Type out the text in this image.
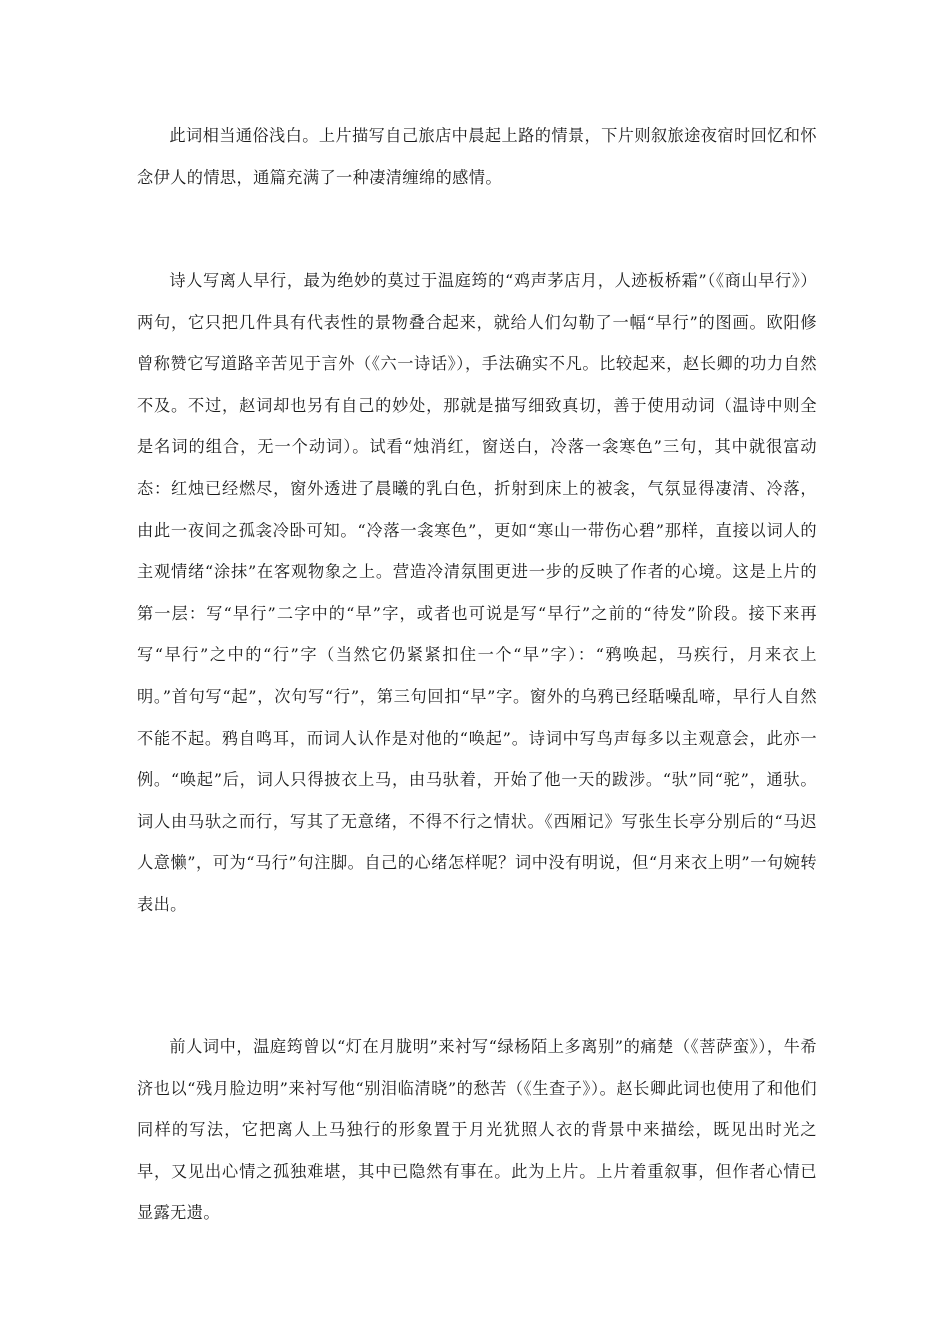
此词相当通俗浅白。上片描写自己旅店中晨起上路的情景，下片则叙旅途夜宿时回忆和怀念伊人的情思，通篇充满了一种凄清缠绵的感情。

诗人写离人早行，最为绝妙的莫过于温庭筠的“鸡声茅店月，人迹板桥霜”（《商山早行》）两句，它只把几件具有代表性的景物叠合起来，就给人们勾勒了一幅“早行”的图画。欧阳修曾称赞它写道路辛苦见于言外（《六一诗话》），手法确实不凡。比较起来，赵长卿的功力自然不及。不过，赵词却也另有自己的妙处，那就是描写细致真切，善于使用动词（温诗中则全是名词的组合，无一个动词）。试看“烛消红，窗送白，冷落一衾寒色”三句，其中就很富动态：红烛已经燃尽，窗外透进了晨曦的乳白色，折射到床上的被衾，气氛显得凄清、冷落，由此一夜间之孤衾冷卧可知。“冷落一衾寒色”，更如“寒山一带伤心碧”那样，直接以词人的主观情绪“涂抹”在客观物象之上。营造冷清氛围更进一步的反映了作者的心境。这是上片的第一层：写“早行”二字中的“早”字，或者也可说是写“早行”之前的“待发”阶段。接下来再写“早行”之中的“行”字（当然它仍紧紧扣住一个“早”字）：“鸦唤起，马疾行，月来衣上明。”首句写“起”，次句写“行”，第三句回扣“早”字。窗外的乌鸦已经聒噪乱啼，早行人自然不能不起。鸦自鸣耳，而词人认作是对他的“唤起”。诗词中写鸟声每多以主观意会，此亦一例。“唤起”后，词人只得披衣上马，由马驮着，开始了他一天的跋涉。“驮”同“驼”，通驮。词人由马驮之而行，写其了无意绪，不得不行之情状。《西厢记》写张生长亭分别后的“马迟人意懒”，可为“马行”句注脚。自己的心绪怎样呢？词中没有明说，但“月来衣上明”一句婉转表出。

前人词中，温庭筠曾以“灯在月胧明”来衬写“绿杨陌上多离别”的痛楚（《菩萨蛮》），牛希济也以“残月脸边明”来衬写他“别泪临清晓”的愁苦（《生查子》）。赵长卿此词也使用了和他们同样的写法，它把离人上马独行的形象置于月光犹照人衣的背景中来描绘，既见出时光之早，又见出心情之孤独难堪，其中已隐然有事在。此为上片。上片着重叙事，但作者心情已显露无遗。
